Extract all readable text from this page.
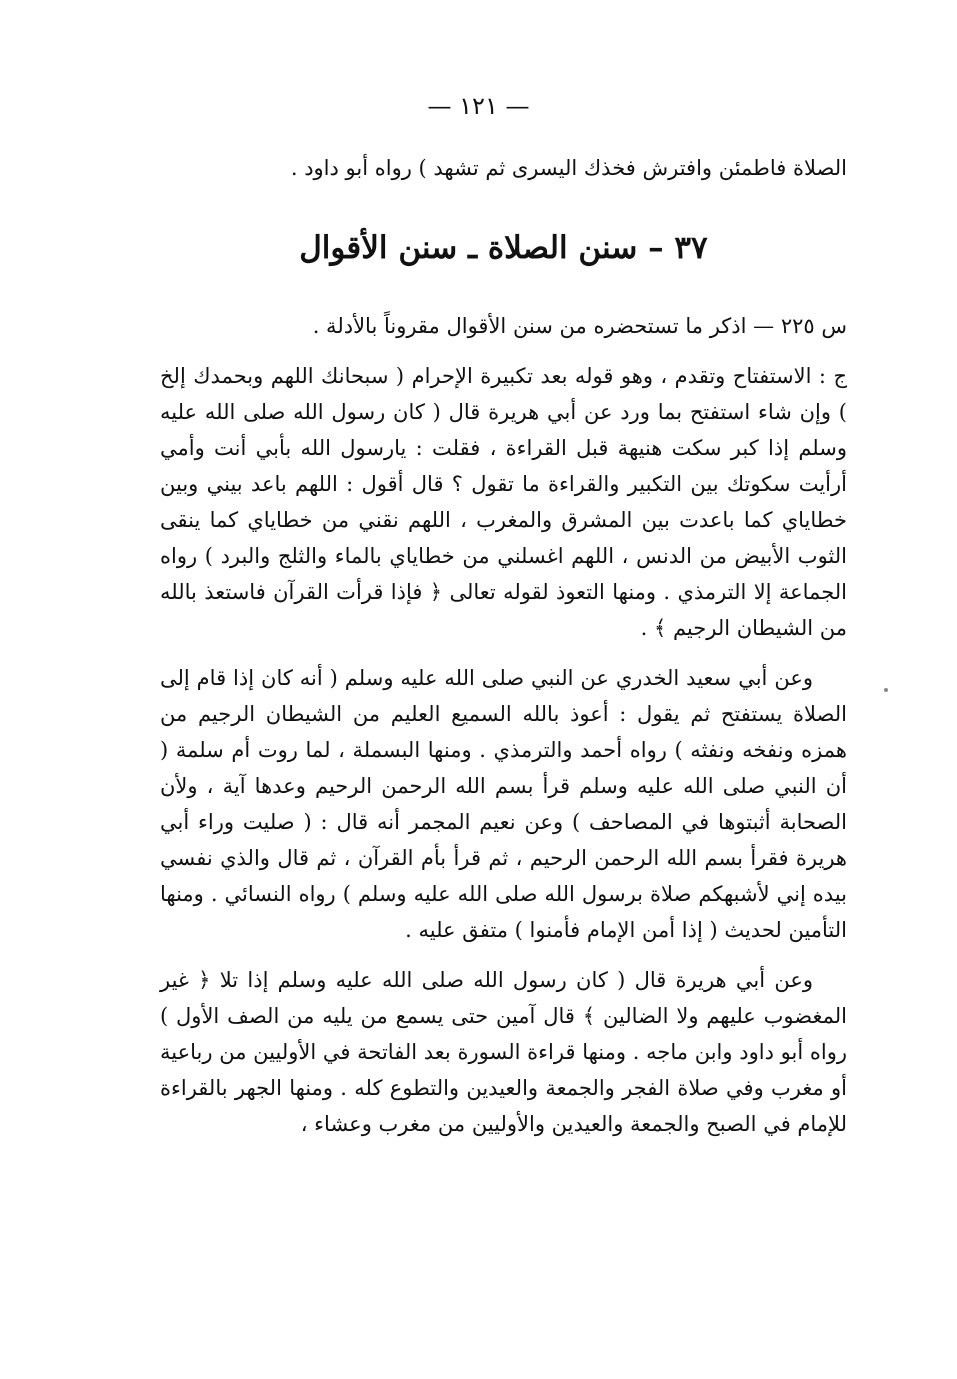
— ١٢١ —

الصلاة فاطمئن وافترش فخذك اليسرى ثم تشهد ) رواه أبو داود .

٣٧ – سنن الصلاة ـ سنن الأقوال

س ٢٢٥ — اذكر ما تستحضره من سنن الأقوال مقروناً بالأدلة .

ج : الاستفتاح وتقدم ، وهو قوله بعد تكبيرة الإحرام ( سبحانك اللهم وبحمدك إلخ ) وإن شاء استفتح بما ورد عن أبي هريرة قال ( كان رسول الله صلى الله عليه وسلم إذا كبر سكت هنيهة قبل القراءة ، فقلت : يارسول الله بأبي أنت وأمي أرأيت سكوتك بين التكبير والقراءة ما تقول ؟ قال أقول : اللهم باعد بيني وبين خطاياي كما باعدت بين المشرق والمغرب ، اللهم نقني من خطاياي كما ينقى الثوب الأبيض من الدنس ، اللهم اغسلني من خطاياي بالماء والثلج والبرد ) رواه الجماعة إلا الترمذي . ومنها التعوذ لقوله تعالى ﴿ فإذا قرأت القرآن فاستعذ بالله من الشيطان الرجيم ﴾ .

وعن أبي سعيد الخدري عن النبي صلى الله عليه وسلم ( أنه كان إذا قام إلى الصلاة يستفتح ثم يقول : أعوذ بالله السميع العليم من الشيطان الرجيم من همزه ونفخه ونفثه ) رواه أحمد والترمذي . ومنها البسملة ، لما روت أم سلمة ( أن النبي صلى الله عليه وسلم قرأ بسم الله الرحمن الرحيم وعدها آية ، ولأن الصحابة أثبتوها في المصاحف ) وعن نعيم المجمر أنه قال : ( صليت وراء أبي هريرة فقرأ بسم الله الرحمن الرحيم ، ثم قرأ بأم القرآن ، ثم قال والذي نفسي بيده إني لأشبهكم صلاة برسول الله صلى الله عليه وسلم ) رواه النسائي . ومنها التأمين لحديث ( إذا أمن الإمام فأمنوا ) متفق عليه .

وعن أبي هريرة قال ( كان رسول الله صلى الله عليه وسلم إذا تلا ﴿ غير المغضوب عليهم ولا الضالين ﴾ قال آمين حتى يسمع من يليه من الصف الأول ) رواه أبو داود وابن ماجه . ومنها قراءة السورة بعد الفاتحة في الأوليين من رباعية أو مغرب وفي صلاة الفجر والجمعة والعيدين والتطوع كله . ومنها الجهر بالقراءة للإمام في الصبح والجمعة والعيدين والأوليين من مغرب وعشاء ،
